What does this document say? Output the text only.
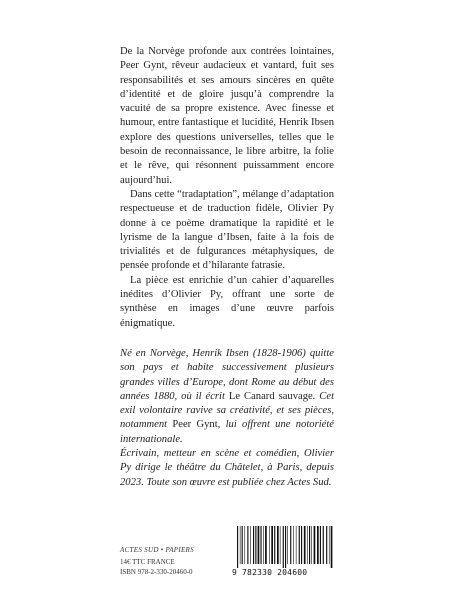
De la Norvège profonde aux contrées lointaines, Peer Gynt, rêveur audacieux et vantard, fuit ses responsabilités et ses amours sincères en quête d’identité et de gloire jusqu’à comprendre la vacuité de sa propre existence. Avec finesse et humour, entre fantastique et lucidité, Henrik Ibsen explore des questions universelles, telles que le besoin de reconnaissance, le libre arbitre, la folie et le rêve, qui résonnent puissamment encore aujourd’hui.

Dans cette “tradaptation”, mélange d’adaptation respectueuse et de traduction fidèle, Olivier Py donne à ce poème dramatique la rapidité et le lyrisme de la langue d’Ibsen, faite à la fois de trivialités et de fulgurances métaphysiques, de pensée profonde et d’hilarante fatrasie.

La pièce est enrichie d’un cahier d’aquarelles inédites d’Olivier Py, offrant une sorte de synthèse en images d’une œuvre parfois énigmatique.

Né en Norvège, Henrik Ibsen (1828-1906) quitte son pays et habite successivement plusieurs grandes villes d’Europe, dont Rome au début des années 1880, où il écrit Le Canard sauvage. Cet exil volontaire ravive sa créativité, et ses pièces, notamment Peer Gynt, lui offrent une notoriété internationale.

Écrivain, metteur en scène et comédien, Olivier Py dirige le théâtre du Châtelet, à Paris, depuis 2023. Toute son œuvre est publiée chez Actes Sud.

ACTES SUD • PAPIERS
14€ TTC FRANCE
ISBN 978-2-330-20460-0	9 782330 204600
